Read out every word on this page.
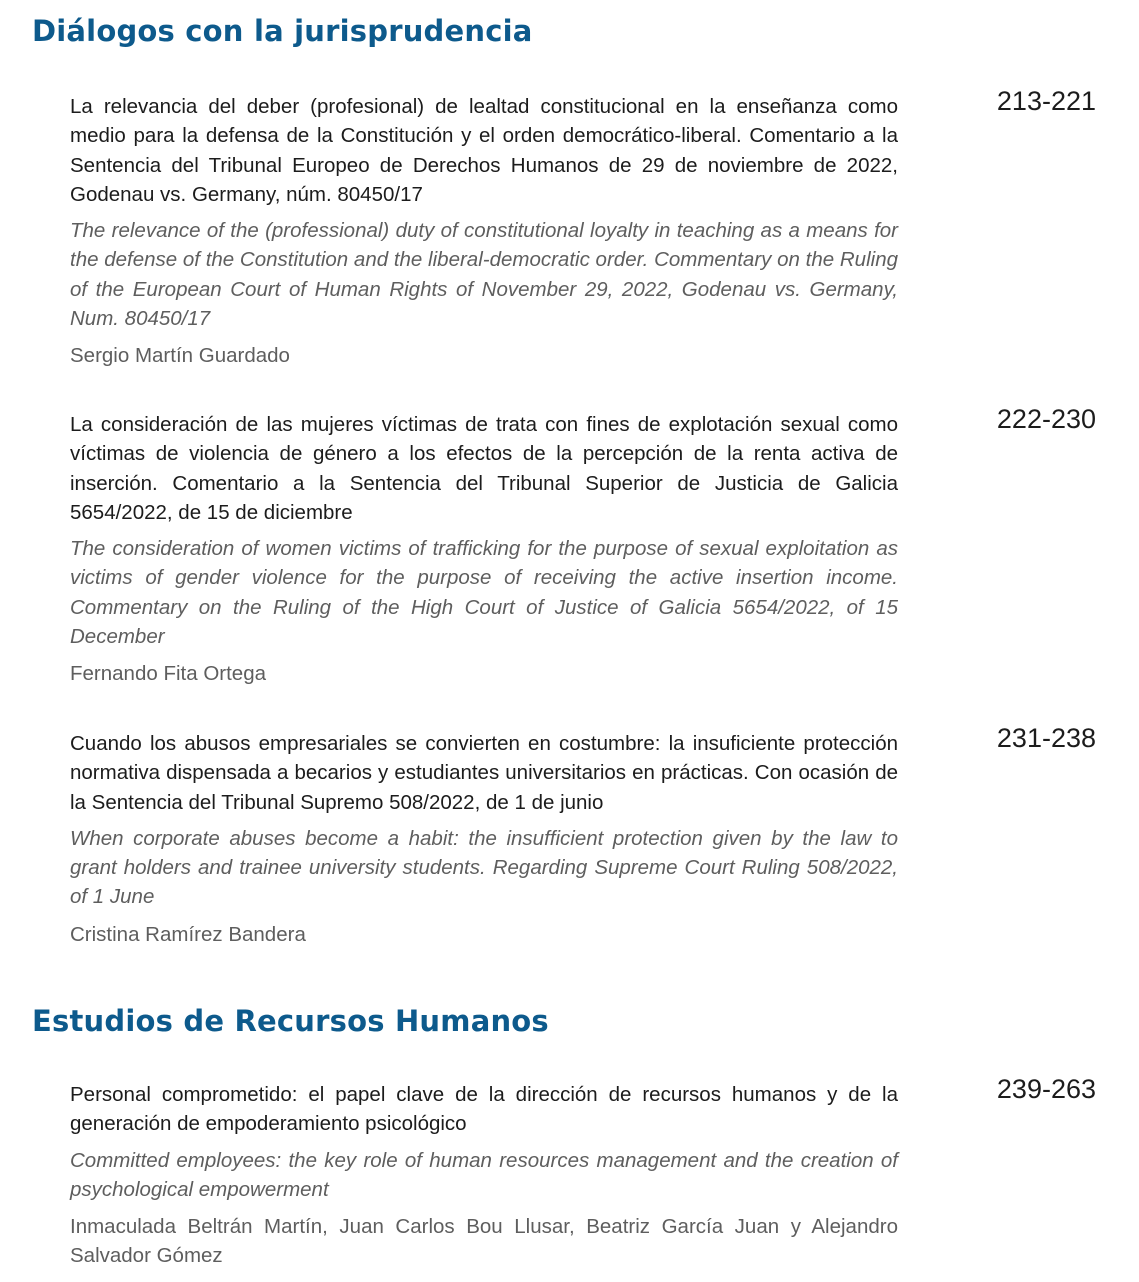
Diálogos con la jurisprudencia

La relevancia del deber (profesional) de lealtad constitucional en la enseñanza como medio para la defensa de la Constitución y el orden democrático-liberal. Comentario a la Sentencia del Tribunal Europeo de Derechos Humanos de 29 de noviembre de 2022, Godenau vs. Germany, núm. 80450/17

The relevance of the (professional) duty of constitutional loyalty in teaching as a means for the defense of the Constitution and the liberal-democratic order. Commentary on the Ruling of the European Court of Human Rights of November 29, 2022, Godenau vs. Germany, Num. 80450/17

Sergio Martín Guardado

213-221

La consideración de las mujeres víctimas de trata con fines de explotación sexual como víctimas de violencia de género a los efectos de la percepción de la renta activa de inserción. Comentario a la Sentencia del Tribunal Superior de Justicia de Galicia 5654/2022, de 15 de diciembre

The consideration of women victims of trafficking for the purpose of sexual exploitation as victims of gender violence for the purpose of receiving the active insertion income. Commentary on the Ruling of the High Court of Justice of Galicia 5654/2022, of 15 December

Fernando Fita Ortega

222-230

Cuando los abusos empresariales se convierten en costumbre: la insuficiente protección normativa dispensada a becarios y estudiantes universitarios en prácticas. Con ocasión de la Sentencia del Tribunal Supremo 508/2022, de 1 de junio

When corporate abuses become a habit: the insufficient protection given by the law to grant holders and trainee university students. Regarding Supreme Court Ruling 508/2022, of 1 June

Cristina Ramírez Bandera

231-238
Estudios de Recursos Humanos

Personal comprometido: el papel clave de la dirección de recursos humanos y de la generación de empoderamiento psicológico

Committed employees: the key role of human resources management and the creation of psychological empowerment

Inmaculada Beltrán Martín, Juan Carlos Bou Llusar, Beatriz García Juan y Alejandro Salvador Gómez

239-263
